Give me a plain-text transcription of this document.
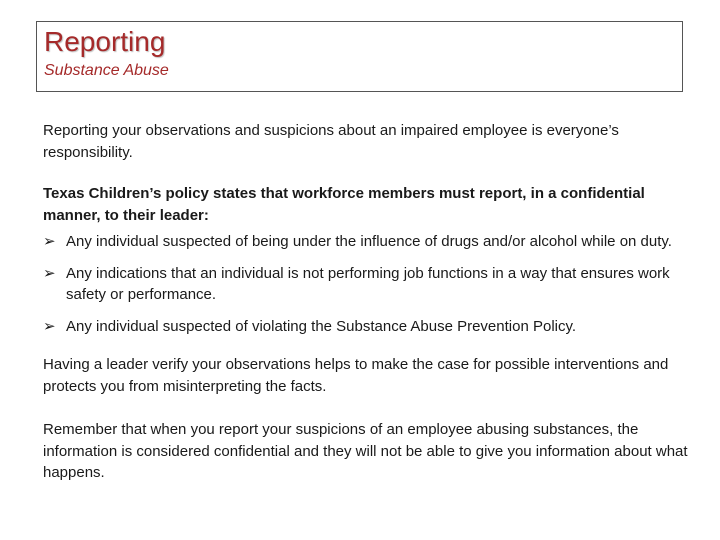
Reporting
Substance Abuse

Reporting your observations and suspicions about an impaired employee is everyone’s responsibility.

Texas Children’s policy states that workforce members must report, in a confidential manner, to their leader:

➢ Any individual suspected of being under the influence of drugs and/or alcohol while on duty.
➢ Any indications that an individual is not performing job functions in a way that ensures work safety or performance.
➢ Any individual suspected of violating the Substance Abuse Prevention Policy.

Having a leader verify your observations helps to make the case for possible interventions and protects you from misinterpreting the facts.

Remember that when you report your suspicions of an employee abusing substances, the information is considered confidential and they will not be able to give you information about what happens.
